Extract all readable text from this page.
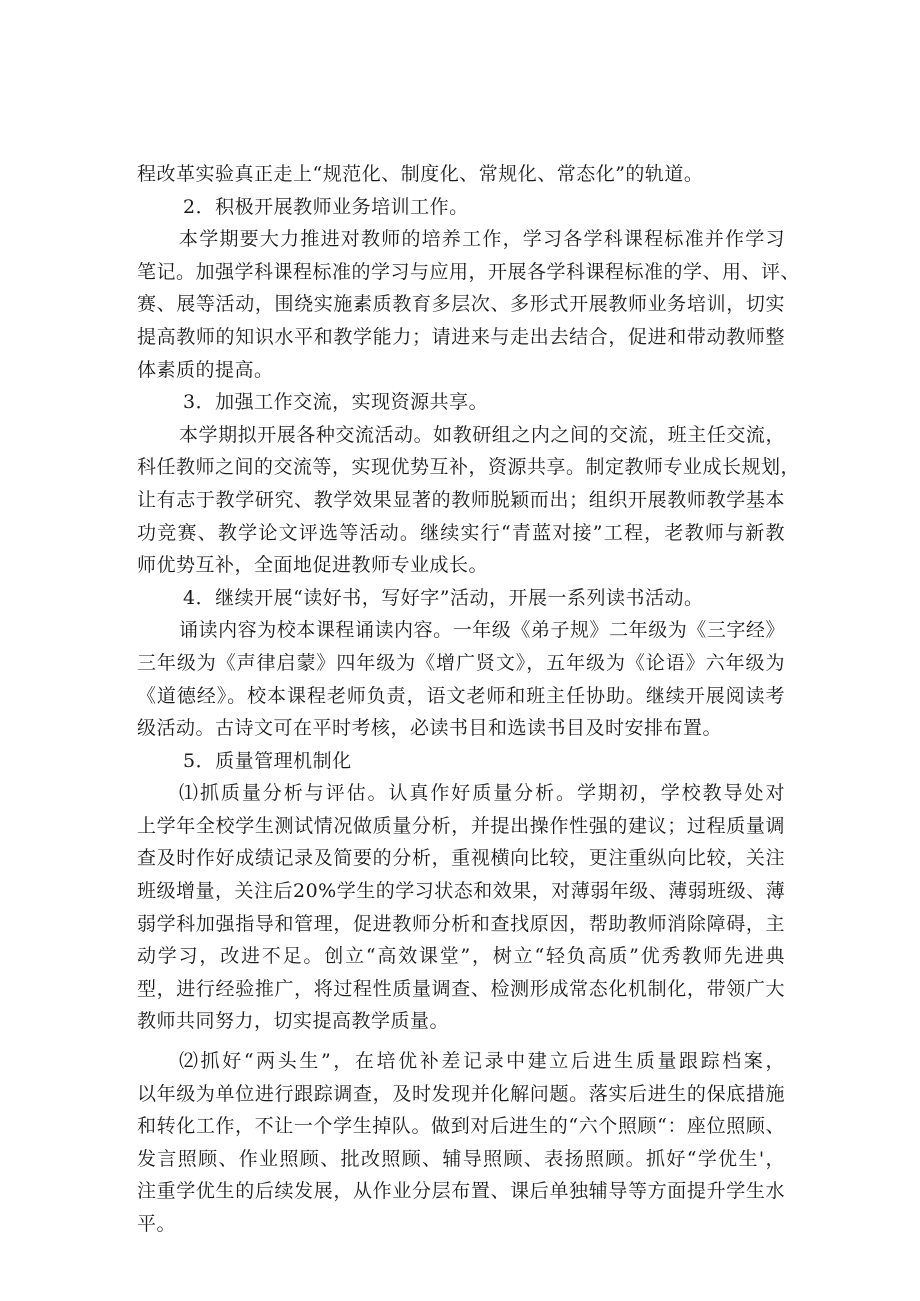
程改革实验真正走上“规范化、制度化、常规化、常态化”的轨道。
2．积极开展教师业务培训工作。
本学期要大力推进对教师的培养工作，学习各学科课程标准并作学习
笔记。加强学科课程标准的学习与应用，开展各学科课程标准的学、用、评、
赛、展等活动，围绕实施素质教育多层次、多形式开展教师业务培训，切实
提高教师的知识水平和教学能力；请进来与走出去结合，促进和带动教师整
体素质的提高。
3．加强工作交流，实现资源共享。
本学期拟开展各种交流活动。如教研组之内之间的交流，班主任交流，
科任教师之间的交流等，实现优势互补，资源共享。制定教师专业成长规划，
让有志于教学研究、教学效果显著的教师脱颖而出；组织开展教师教学基本
功竞赛、教学论文评选等活动。继续实行“青蓝对接”工程，老教师与新教
师优势互补，全面地促进教师专业成长。
4．继续开展“读好书，写好字”活动，开展一系列读书活动。
诵读内容为校本课程诵读内容。一年级《弟子规》二年级为《三字经》
三年级为《声律启蒙》四年级为《增广贤文》，五年级为《论语》六年级为
《道德经》。校本课程老师负责，语文老师和班主任协助。继续开展阅读考
级活动。古诗文可在平时考核，必读书目和选读书目及时安排布置。
5．质量管理机制化
⑴抓质量分析与评估。认真作好质量分析。学期初，学校教导处对
上学年全校学生测试情况做质量分析，并提出操作性强的建议；过程质量调
查及时作好成绩记录及简要的分析，重视横向比较，更注重纵向比较，关注
班级增量，关注后20%学生的学习状态和效果，对薄弱年级、薄弱班级、薄
弱学科加强指导和管理，促进教师分析和查找原因，帮助教师消除障碍，主
动学习，改进不足。创立“高效课堂”，树立“轻负高质”优秀教师先进典
型，进行经验推广，将过程性质量调查、检测形成常态化机制化，带领广大
教师共同努力，切实提高教学质量。
⑵抓好“两头生”，在培优补差记录中建立后进生质量跟踪档案，
以年级为单位进行跟踪调查，及时发现并化解问题。落实后进生的保底措施
和转化工作，不让一个学生掉队。做到对后进生的“六个照顾“：座位照顾、
发言照顾、作业照顾、批改照顾、辅导照顾、表扬照顾。抓好“学优生'，
注重学优生的后续发展，从作业分层布置、课后单独辅导等方面提升学生水
平。
